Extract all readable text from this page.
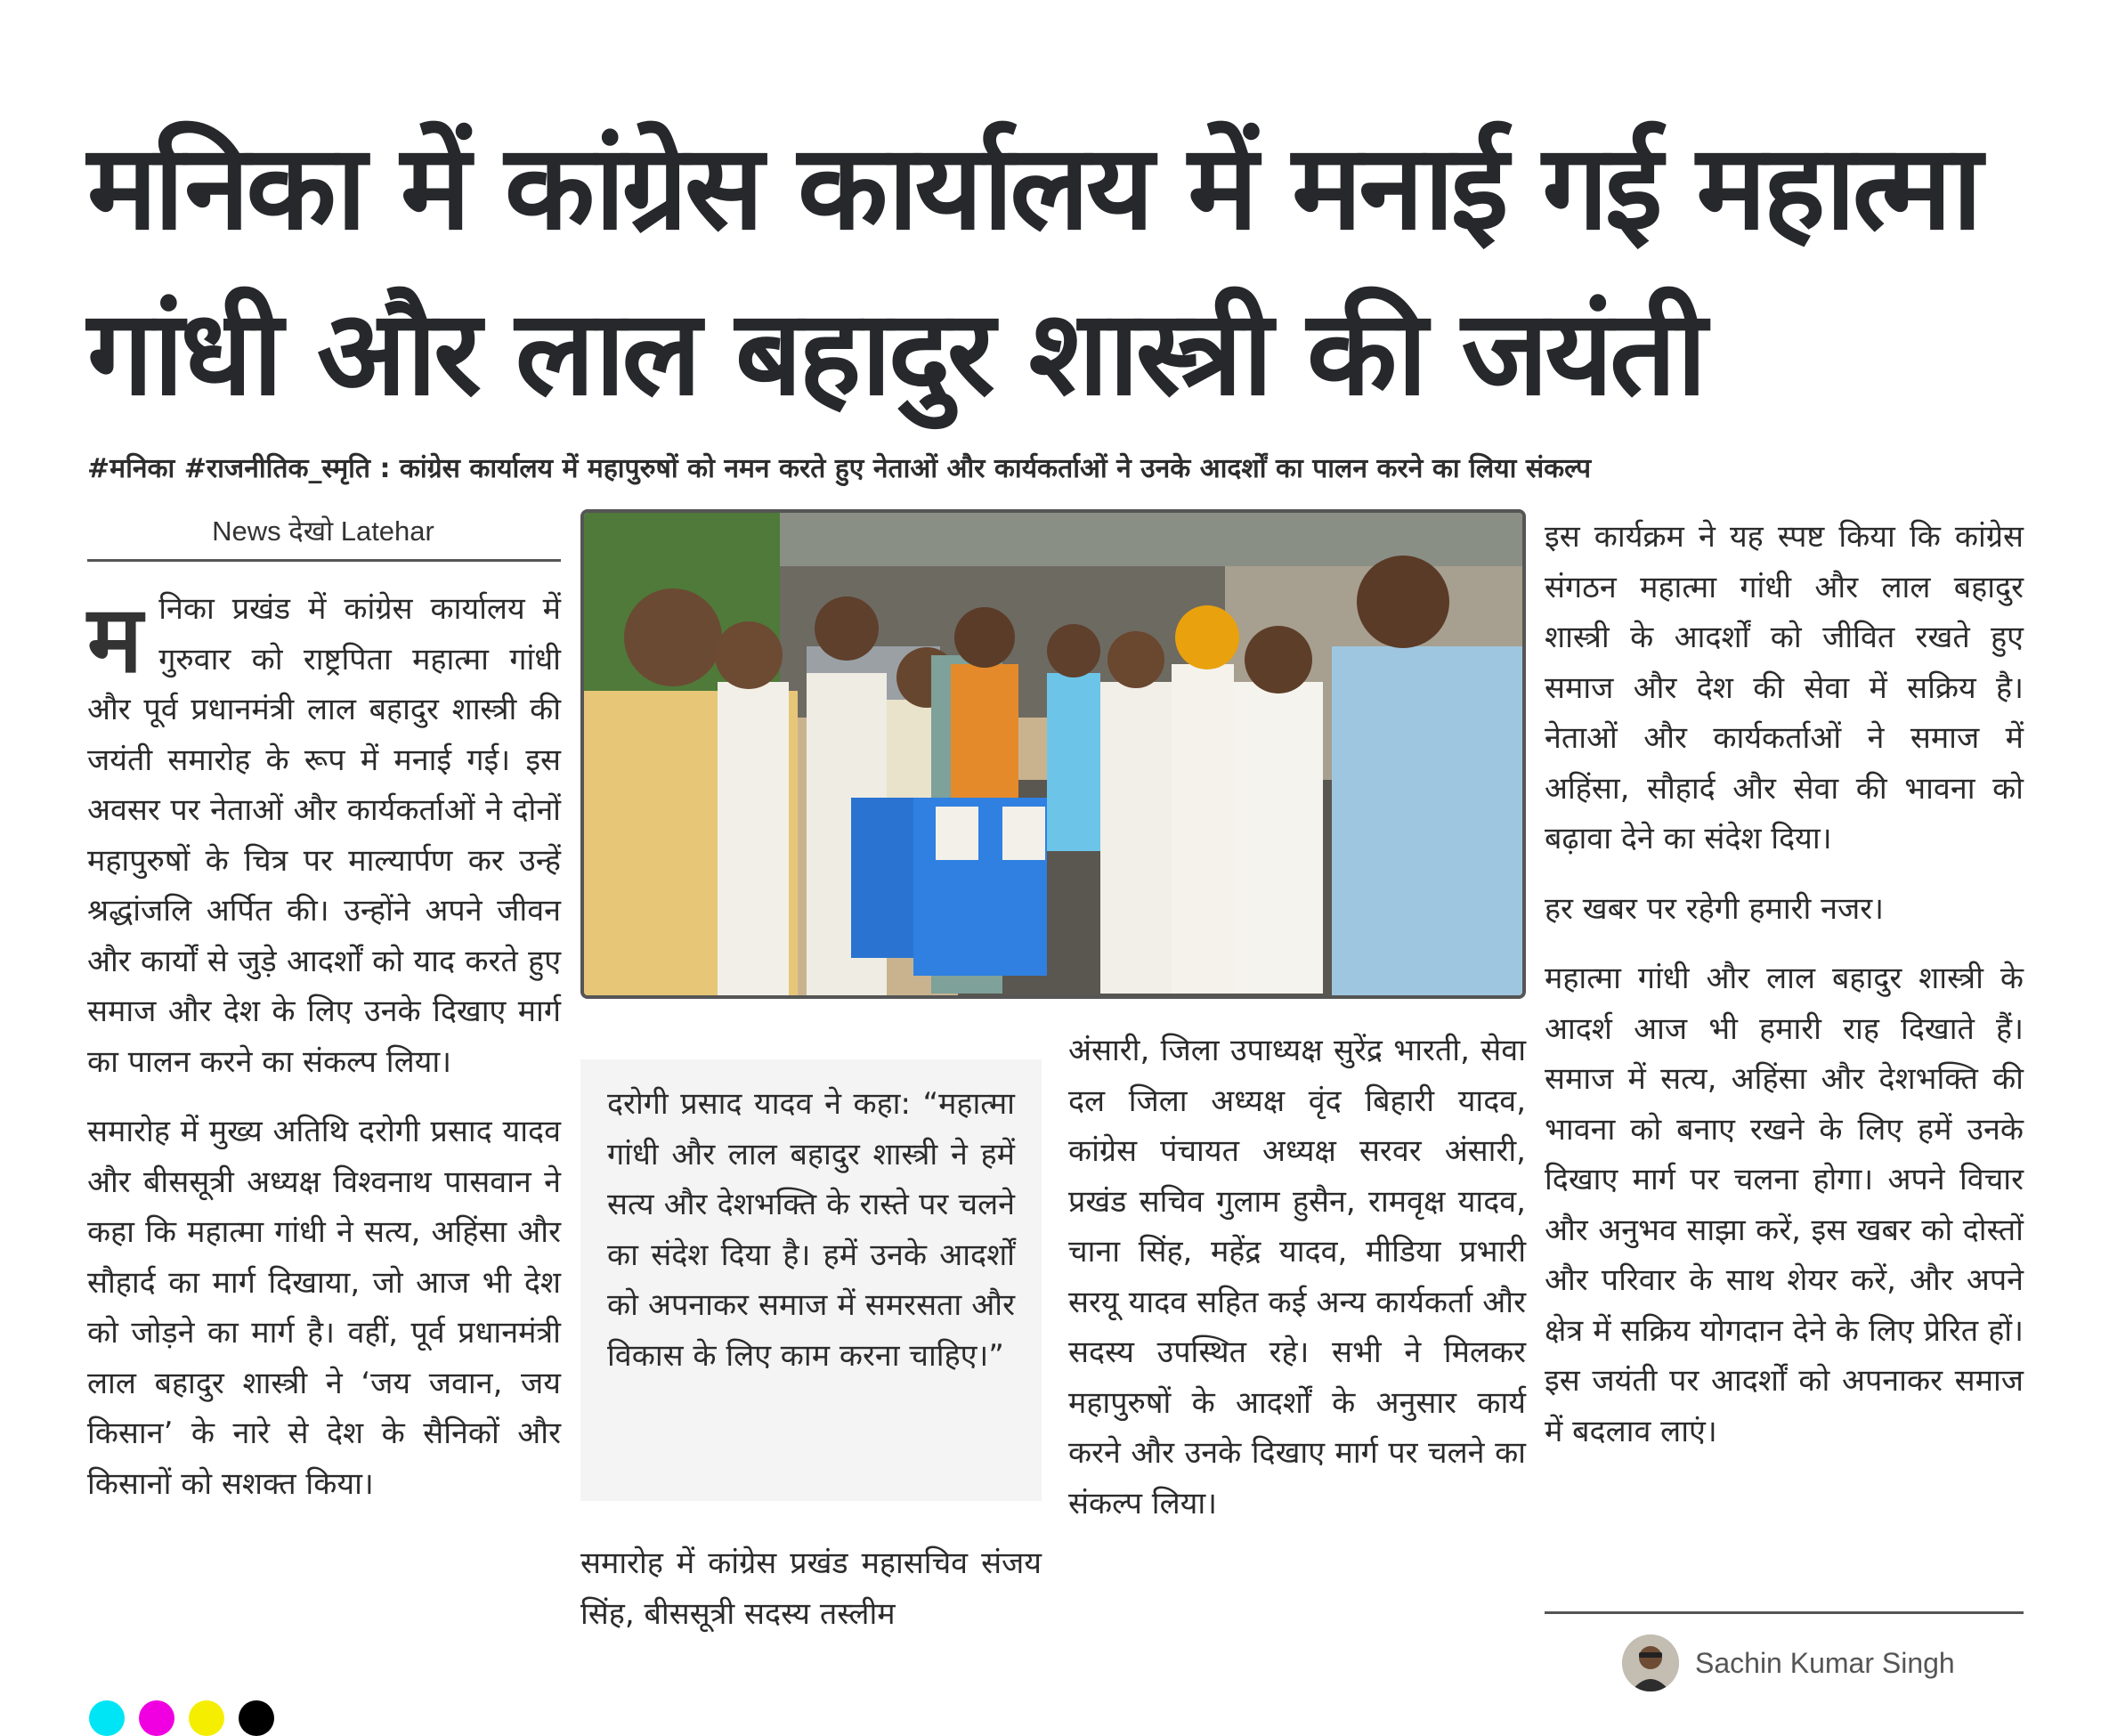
मनिका में कांग्रेस कार्यालय में मनाई गई महात्मा
गांधी और लाल बहादुर शास्त्री की जयंती

#मनिका #राजनीतिक_स्मृति : कांग्रेस कार्यालय में महापुरुषों को नमन करते हुए नेताओं और कार्यकर्ताओं ने उनके आदर्शों का पालन करने का लिया संकल्प

News देखो Latehar

मनिका प्रखंड में कांग्रेस कार्यालय में गुरुवार को राष्ट्रपिता महात्मा गांधी और पूर्व प्रधानमंत्री लाल बहादुर शास्त्री की जयंती समारोह के रूप में मनाई गई। इस अवसर पर नेताओं और कार्यकर्ताओं ने दोनों महापुरुषों के चित्र पर माल्यार्पण कर उन्हें श्रद्धांजलि अर्पित की। उन्होंने अपने जीवन और कार्यों से जुड़े आदर्शों को याद करते हुए समाज और देश के लिए उनके दिखाए मार्ग का पालन करने का संकल्प लिया।

समारोह में मुख्य अतिथि दरोगी प्रसाद यादव और बीससूत्री अध्यक्ष विश्वनाथ पासवान ने कहा कि महात्मा गांधी ने सत्य, अहिंसा और सौहार्द का मार्ग दिखाया, जो आज भी देश को जोड़ने का मार्ग है। वहीं, पूर्व प्रधानमंत्री लाल बहादुर शास्त्री ने ‘जय जवान, जय किसान’ के नारे से देश के सैनिकों और किसानों को सशक्त किया।

दरोगी प्रसाद यादव ने कहा: “महात्मा गांधी और लाल बहादुर शास्त्री ने हमें सत्य और देशभक्ति के रास्ते पर चलने का संदेश दिया है। हमें उनके आदर्शों को अपनाकर समाज में समरसता और विकास के लिए काम करना चाहिए।”

समारोह में कांग्रेस प्रखंड महासचिव संजय सिंह, बीससूत्री सदस्य तस्लीम

अंसारी, जिला उपाध्यक्ष सुरेंद्र भारती, सेवा दल जिला अध्यक्ष वृंद बिहारी यादव, कांग्रेस पंचायत अध्यक्ष सरवर अंसारी, प्रखंड सचिव गुलाम हुसैन, रामवृक्ष यादव, चाना सिंह, महेंद्र यादव, मीडिया प्रभारी सरयू यादव सहित कई अन्य कार्यकर्ता और सदस्य उपस्थित रहे। सभी ने मिलकर महापुरुषों के आदर्शों के अनुसार कार्य करने और उनके दिखाए मार्ग पर चलने का संकल्प लिया।

इस कार्यक्रम ने यह स्पष्ट किया कि कांग्रेस संगठन महात्मा गांधी और लाल बहादुर शास्त्री के आदर्शों को जीवित रखते हुए समाज और देश की सेवा में सक्रिय है। नेताओं और कार्यकर्ताओं ने समाज में अहिंसा, सौहार्द और सेवा की भावना को बढ़ावा देने का संदेश दिया।

हर खबर पर रहेगी हमारी नजर।

महात्मा गांधी और लाल बहादुर शास्त्री के आदर्श आज भी हमारी राह दिखाते हैं। समाज में सत्य, अहिंसा और देशभक्ति की भावना को बनाए रखने के लिए हमें उनके दिखाए मार्ग पर चलना होगा। अपने विचार और अनुभव साझा करें, इस खबर को दोस्तों और परिवार के साथ शेयर करें, और अपने क्षेत्र में सक्रिय योगदान देने के लिए प्रेरित हों। इस जयंती पर आदर्शों को अपनाकर समाज में बदलाव लाएं।

Sachin Kumar Singh
